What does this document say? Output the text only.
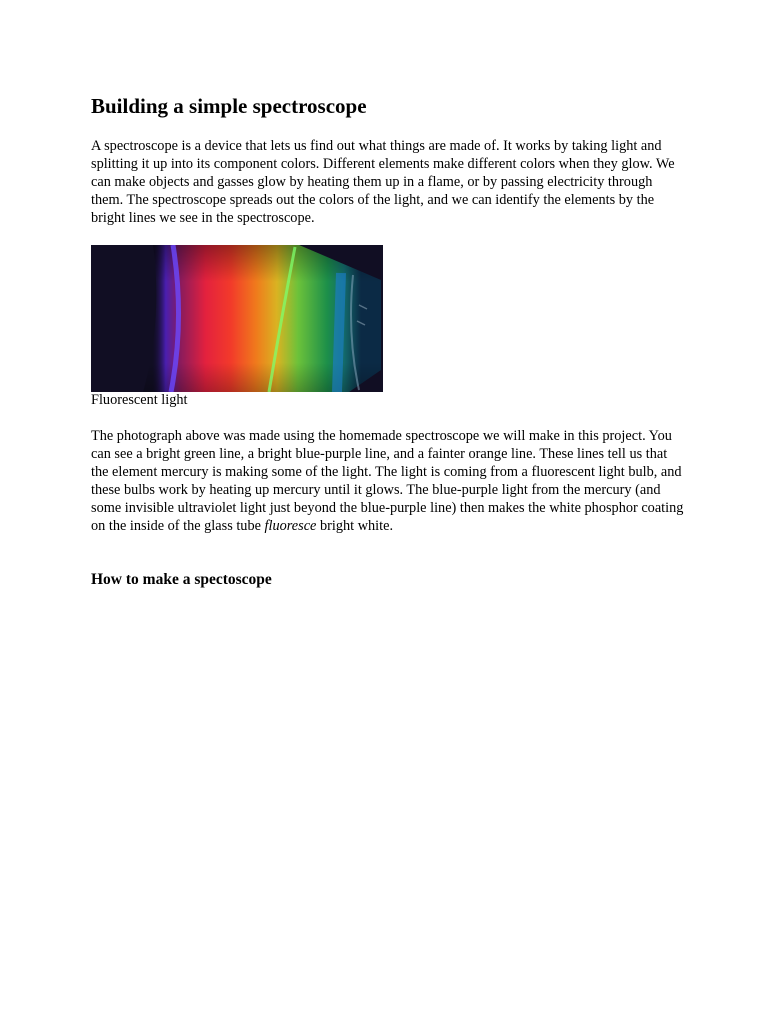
Building a simple spectroscope

A spectroscope is a device that lets us find out what things are made of. It works by taking light and splitting it up into its component colors. Different elements make different colors when they glow. We can make objects and gasses glow by heating them up in a flame, or by passing electricity through them. The spectroscope spreads out the colors of the light, and we can identify the elements by the bright lines we see in the spectroscope.

Fluorescent light

The photograph above was made using the homemade spectroscope we will make in this project. You can see a bright green line, a bright blue-purple line, and a fainter orange line. These lines tell us that the element mercury is making some of the light. The light is coming from a fluorescent light bulb, and these bulbs work by heating up mercury until it glows. The blue-purple light from the mercury (and some invisible ultraviolet light just beyond the blue-purple line) then makes the white phosphor coating on the inside of the glass tube fluoresce bright white.

How to make a spectoscope
